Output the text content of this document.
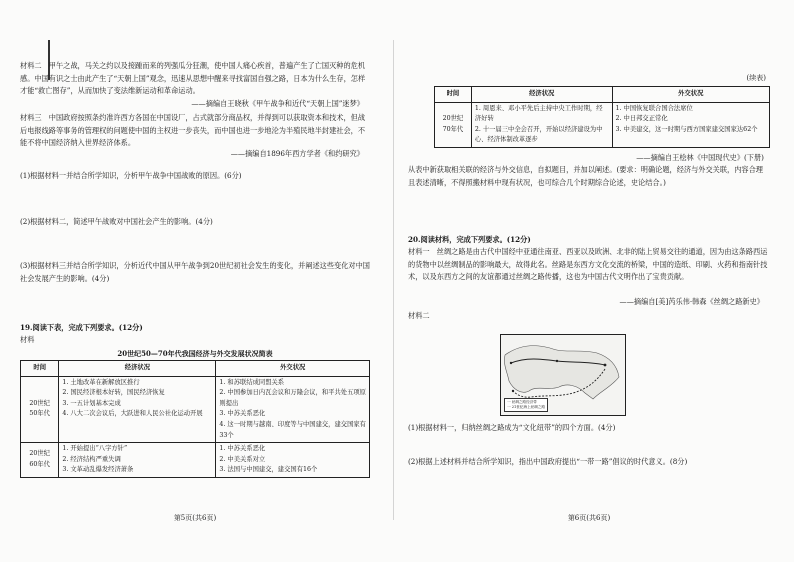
材料二　甲午之战，马关之约以及接踵而来的列强瓜分狂潮，使中国人痛心疾首，普遍产生了亡国灭种的危机感。中国有识之士由此产生了“天朝上国”观念，迅速从思想中醒来寻找富国自强之路，日本为什么生存，怎样才能“救亡图存”，从而加快了变法维新运动和革命运动。
——摘编自王晓秋《甲午战争和近代“天朝上国”迷梦》
材料三　中国政府按照条约准许西方各国在中国设厂，占式就部分商品权，并得到可以获取资本和技术，但战后电报线路等事务的管理权的问题使中国的主权进一步丧失，而中国也进一步地沦为半殖民地半封建社会，不能不将中国经济纳入世界经济体系。
——摘编自1896年西方学者《和约研究》
(1)根据材料一并结合所学知识，分析甲午战争中国战败的原因。(6分)
(2)根据材料二，简述甲午战败对中国社会产生的影响。(4分)
(3)根据材料三并结合所学知识，分析近代中国从甲午战争到20世纪初社会发生的变化，并阐述这些变化对中国社会发展产生的影响。(4分)
19.阅读下表，完成下列要求。(12分)
材料
20世纪50—70年代我国经济与外交发展状况简表
时间	经济状况	外交状况
20世纪
50年代	1. 土地改革在新解放区推行
2. 国民经济根本好转，国民经济恢复
3. 一五计划基本完成
4. 八大二次会议后，大跃进和人民公社化运动开展	1. 和苏联结成同盟关系
2. 中国参加日内瓦会议和万隆会议，和平共处五项原则提出
3. 中苏关系恶化
4. 这一时期与越南、印度等与中国建交，建交国家有33个
20世纪
60年代	1. 开始提出“八字方针”
2. 经济结构严重失调
3. 文革动乱爆发经济萧条	1. 中苏关系恶化
2. 中美关系对立
3. 法国与中国建交，建交国有16个
第5页(共6页)
(续表)
时间	经济状况	外交状况
20世纪
70年代	1. 周恩来、邓小平先后主持中央工作时期，经济好转
2. 十一届三中全会召开，开始以经济建设为中心、经济体制改革逐步	1. 中国恢复联合国合法席位
2. 中日邦交正常化
3. 中美建交，这一时期与西方国家建交国家达62个
——摘编自王桧林《中国现代史》(下册)
从表中新获取相关联的经济与外交信息，自拟题目，并加以阐述。(要求：明确论题，经济与外交关联，内容合理且表述清晰，不得照搬材料中现有状况，也可综合几个时期综合论述，史论结合。)
20.阅读材料，完成下列要求。(12分)
材料一　丝绸之路是由古代中国经中亚通往南亚、西亚以及欧洲、北非的陆上贸易交往的通道，因为由这条路西运的货物中以丝绸制品的影响最大，故得此名。丝路是东西方文化交流的桥梁，中国的造纸、印刷、火药和指南针技术，以及东西方之间的友谊都通过丝绸之路传播，这也为中国古代文明作出了宝贵贡献。
——摘编自[美]芮乐伟·韩森《丝绸之路新史》
材料二
一 丝绸之路经济带
一 21世纪海上丝绸之路
(1)根据材料一，归纳丝绸之路成为“文化纽带”的四个方面。(4分)
(2)根据上述材料并结合所学知识，指出中国政府提出“一带一路”倡议的时代意义。(8分)
第6页(共6页)
